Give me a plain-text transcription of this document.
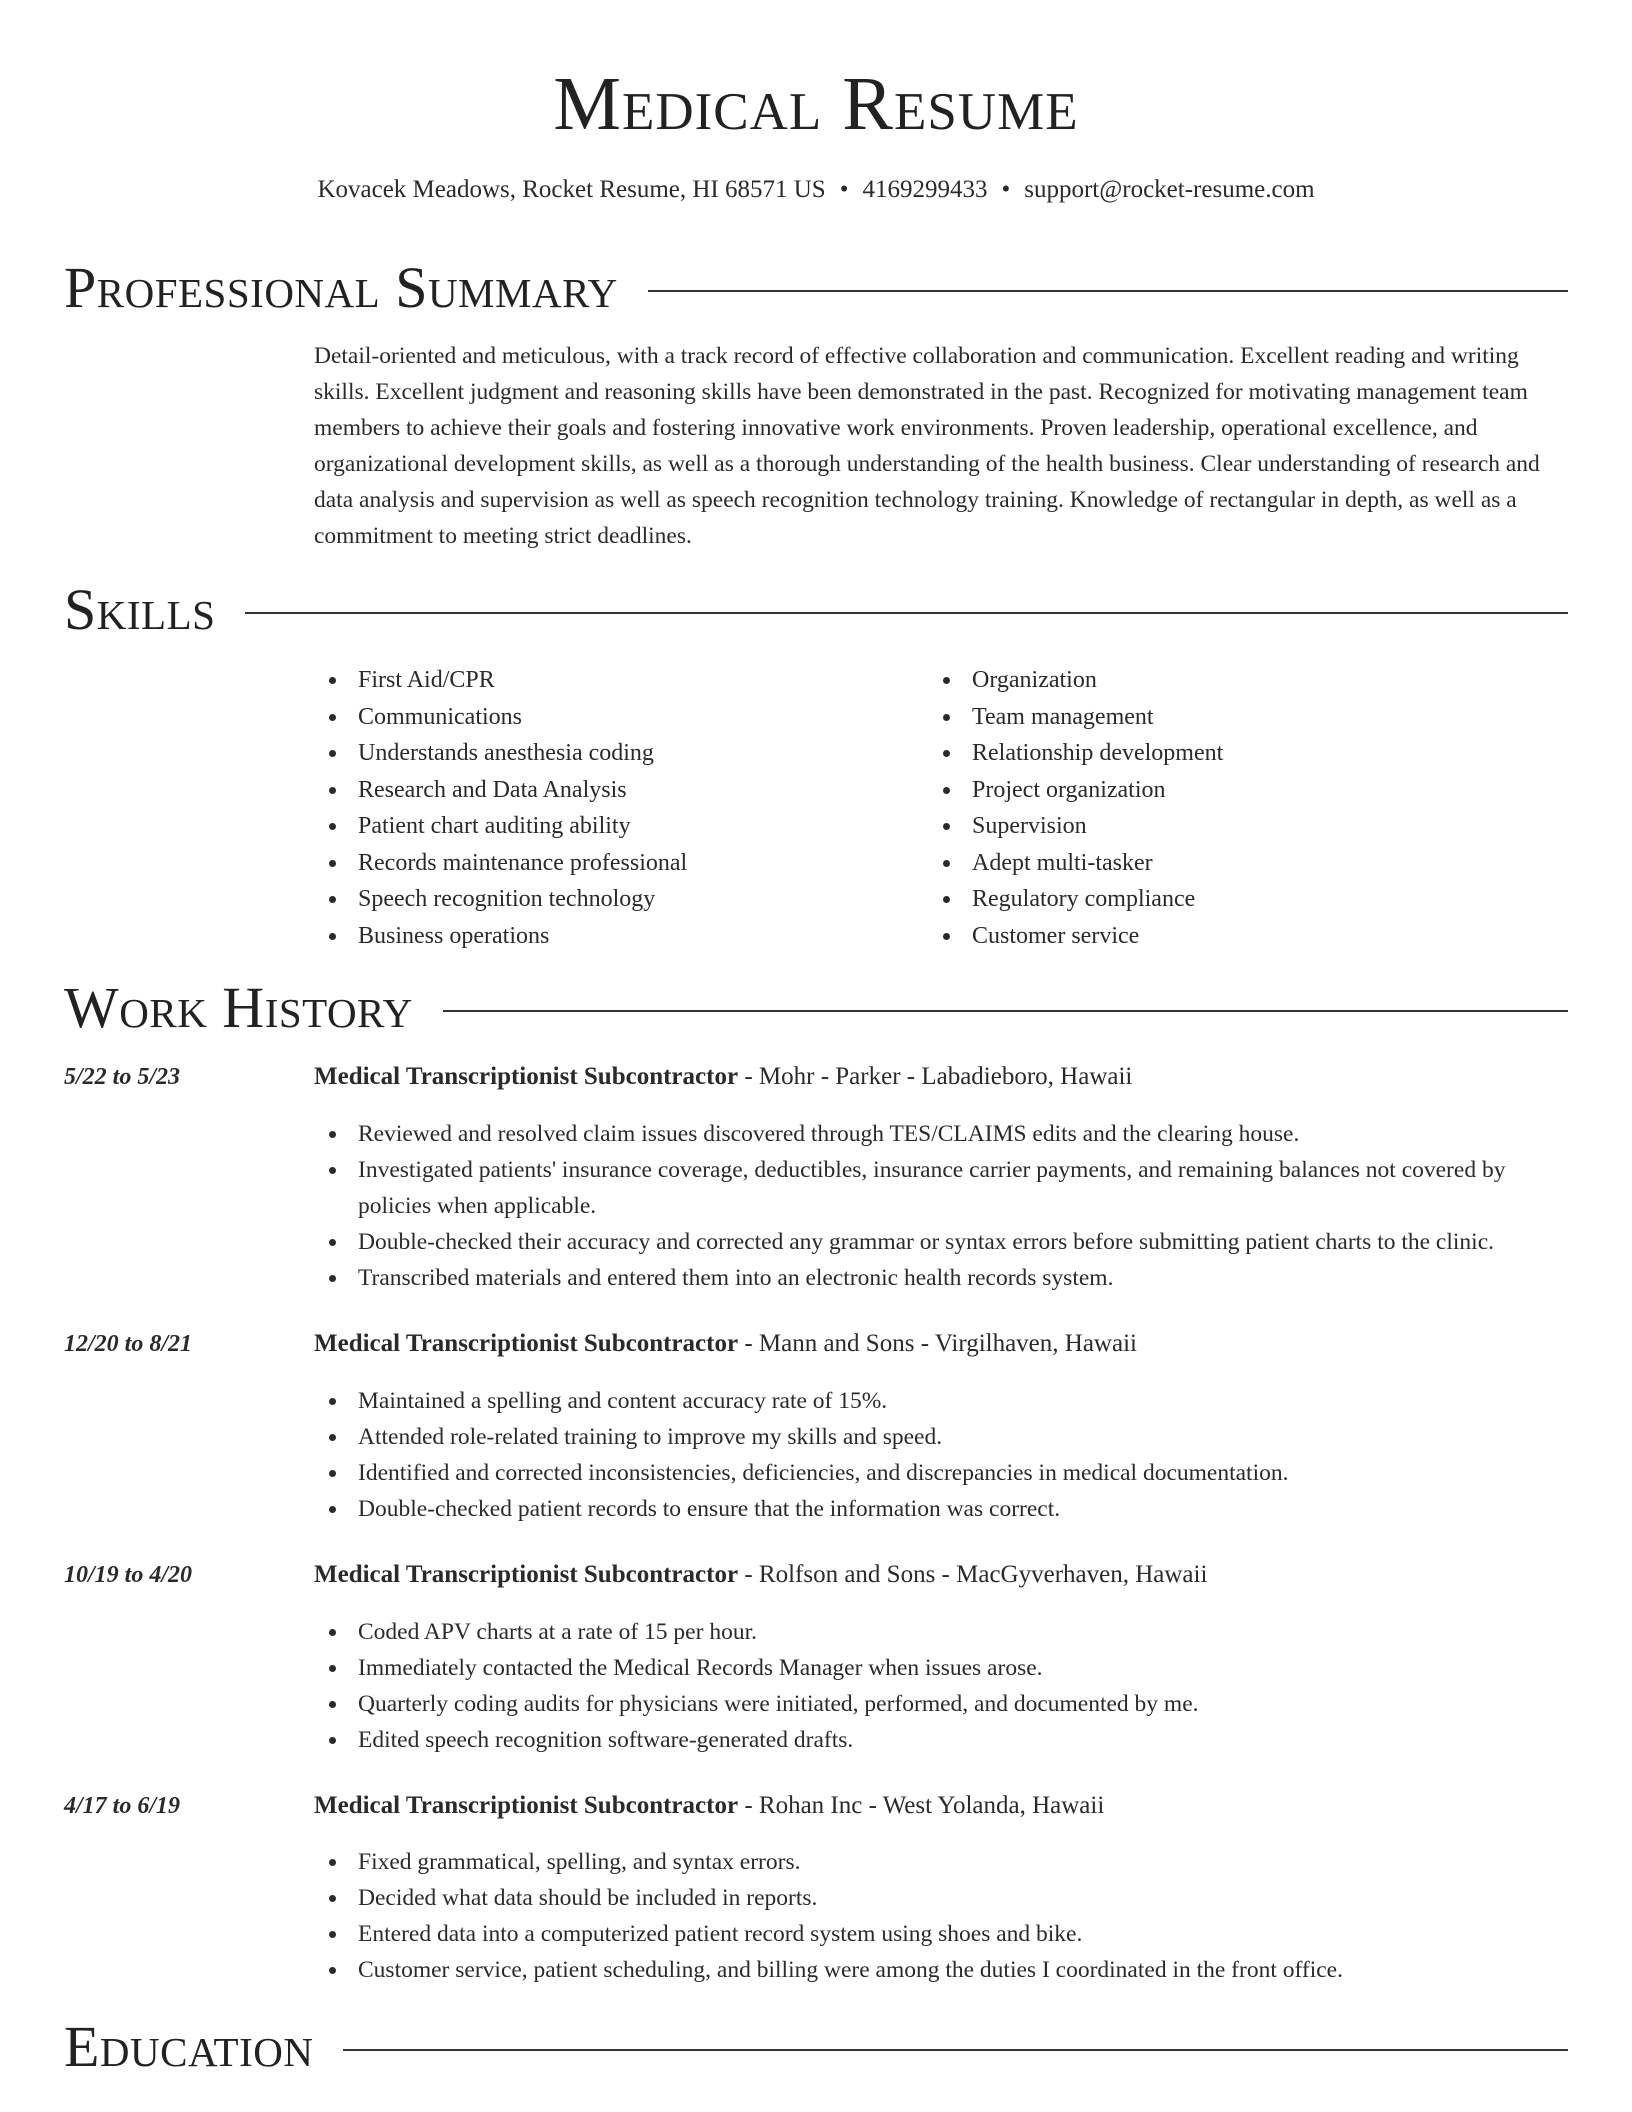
Medical Resume
Kovacek Meadows, Rocket Resume, HI 68571 US • 4169299433 • support@rocket-resume.com
Professional Summary
Detail-oriented and meticulous, with a track record of effective collaboration and communication. Excellent reading and writing skills. Excellent judgment and reasoning skills have been demonstrated in the past. Recognized for motivating management team members to achieve their goals and fostering innovative work environments. Proven leadership, operational excellence, and organizational development skills, as well as a thorough understanding of the health business. Clear understanding of research and data analysis and supervision as well as speech recognition technology training. Knowledge of rectangular in depth, as well as a commitment to meeting strict deadlines.
Skills
First Aid/CPR
Communications
Understands anesthesia coding
Research and Data Analysis
Patient chart auditing ability
Records maintenance professional
Speech recognition technology
Business operations
Organization
Team management
Relationship development
Project organization
Supervision
Adept multi-tasker
Regulatory compliance
Customer service
Work History
5/22 to 5/23	Medical Transcriptionist Subcontractor - Mohr - Parker - Labadieboro, Hawaii
Reviewed and resolved claim issues discovered through TES/CLAIMS edits and the clearing house.
Investigated patients' insurance coverage, deductibles, insurance carrier payments, and remaining balances not covered by policies when applicable.
Double-checked their accuracy and corrected any grammar or syntax errors before submitting patient charts to the clinic.
Transcribed materials and entered them into an electronic health records system.
12/20 to 8/21	Medical Transcriptionist Subcontractor - Mann and Sons - Virgilhaven, Hawaii
Maintained a spelling and content accuracy rate of 15%.
Attended role-related training to improve my skills and speed.
Identified and corrected inconsistencies, deficiencies, and discrepancies in medical documentation.
Double-checked patient records to ensure that the information was correct.
10/19 to 4/20	Medical Transcriptionist Subcontractor - Rolfson and Sons - MacGyverhaven, Hawaii
Coded APV charts at a rate of 15 per hour.
Immediately contacted the Medical Records Manager when issues arose.
Quarterly coding audits for physicians were initiated, performed, and documented by me.
Edited speech recognition software-generated drafts.
4/17 to 6/19	Medical Transcriptionist Subcontractor - Rohan Inc - West Yolanda, Hawaii
Fixed grammatical, spelling, and syntax errors.
Decided what data should be included in reports.
Entered data into a computerized patient record system using shoes and bike.
Customer service, patient scheduling, and billing were among the duties I coordinated in the front office.
Education
